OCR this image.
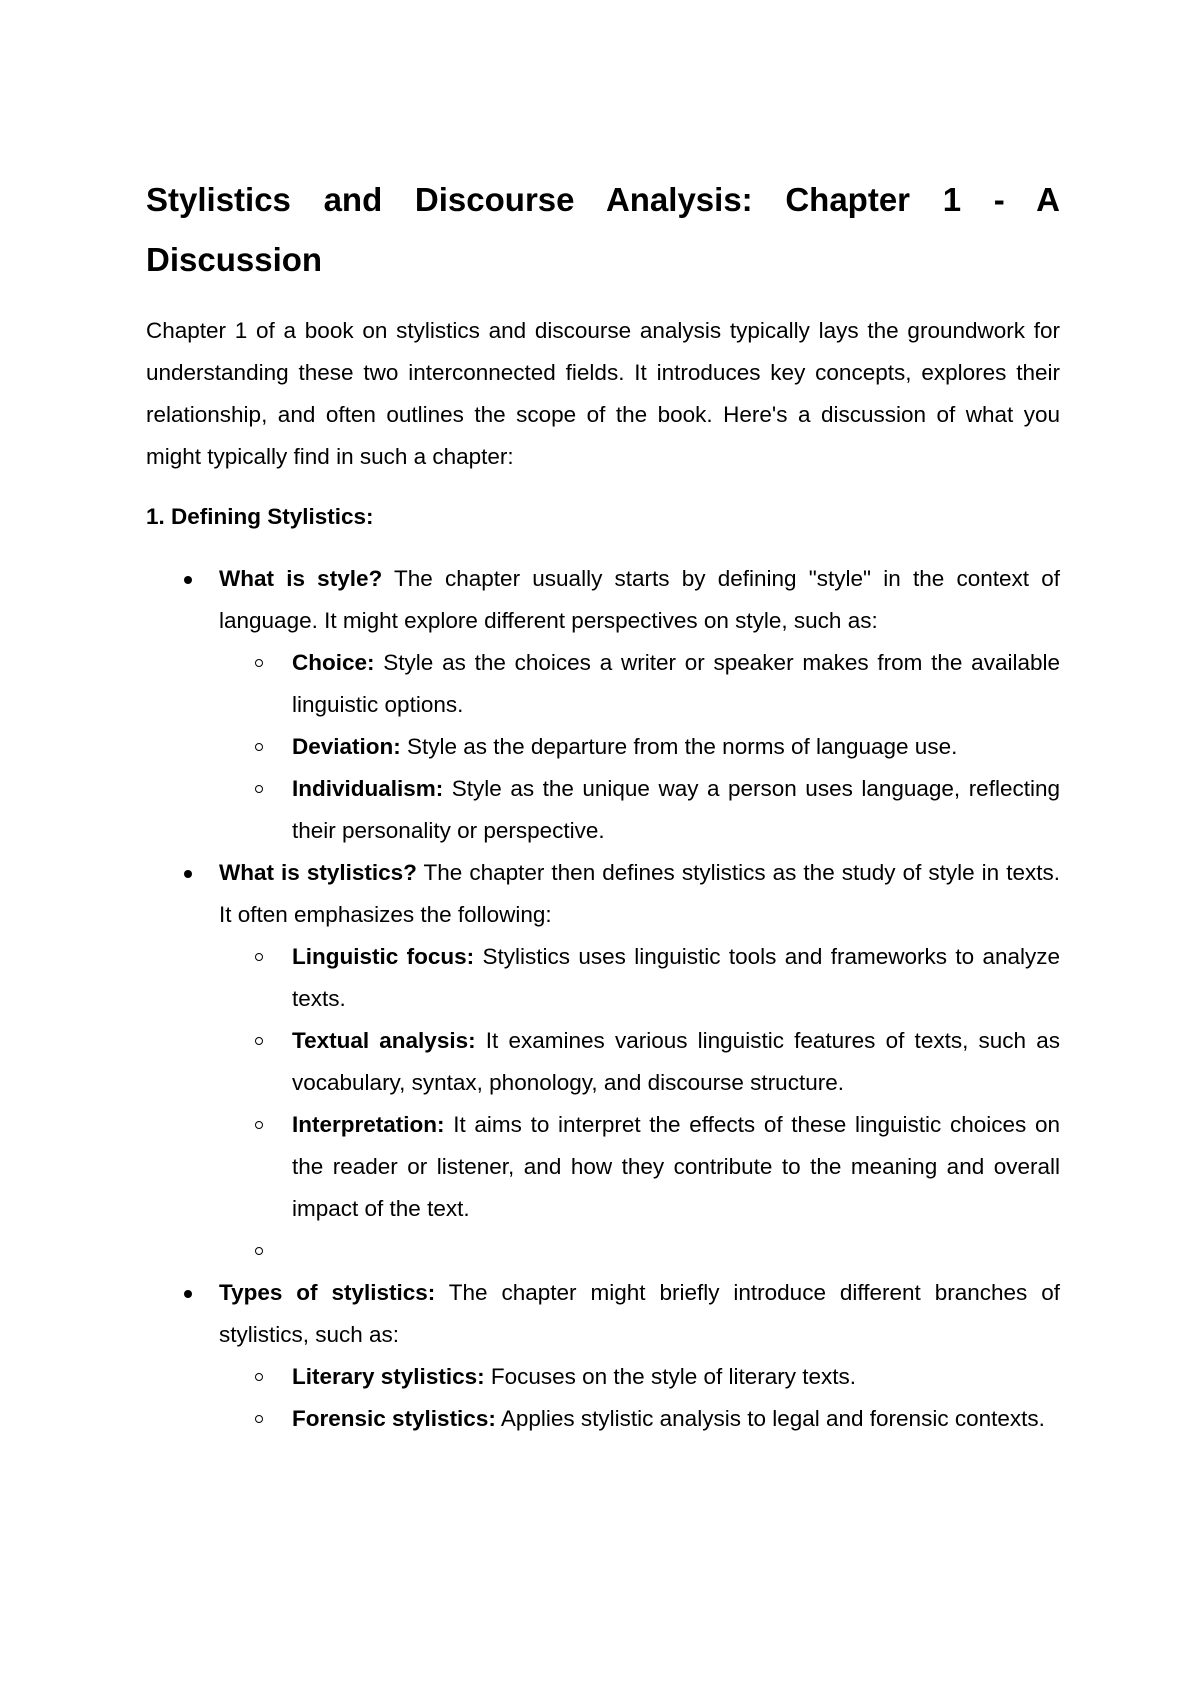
Stylistics and Discourse Analysis: Chapter 1 - A Discussion

Chapter 1 of a book on stylistics and discourse analysis typically lays the groundwork for understanding these two interconnected fields. It introduces key concepts, explores their relationship, and often outlines the scope of the book. Here's a discussion of what you might typically find in such a chapter:

1. Defining Stylistics:

What is style? The chapter usually starts by defining "style" in the context of language. It might explore different perspectives on style, such as:
Choice: Style as the choices a writer or speaker makes from the available linguistic options.
Deviation: Style as the departure from the norms of language use.
Individualism: Style as the unique way a person uses language, reflecting their personality or perspective.
What is stylistics? The chapter then defines stylistics as the study of style in texts. It often emphasizes the following:
Linguistic focus: Stylistics uses linguistic tools and frameworks to analyze texts.
Textual analysis: It examines various linguistic features of texts, such as vocabulary, syntax, phonology, and discourse structure.
Interpretation: It aims to interpret the effects of these linguistic choices on the reader or listener, and how they contribute to the meaning and overall impact of the text.
Types of stylistics: The chapter might briefly introduce different branches of stylistics, such as:
Literary stylistics: Focuses on the style of literary texts.
Forensic stylistics: Applies stylistic analysis to legal and forensic contexts.
